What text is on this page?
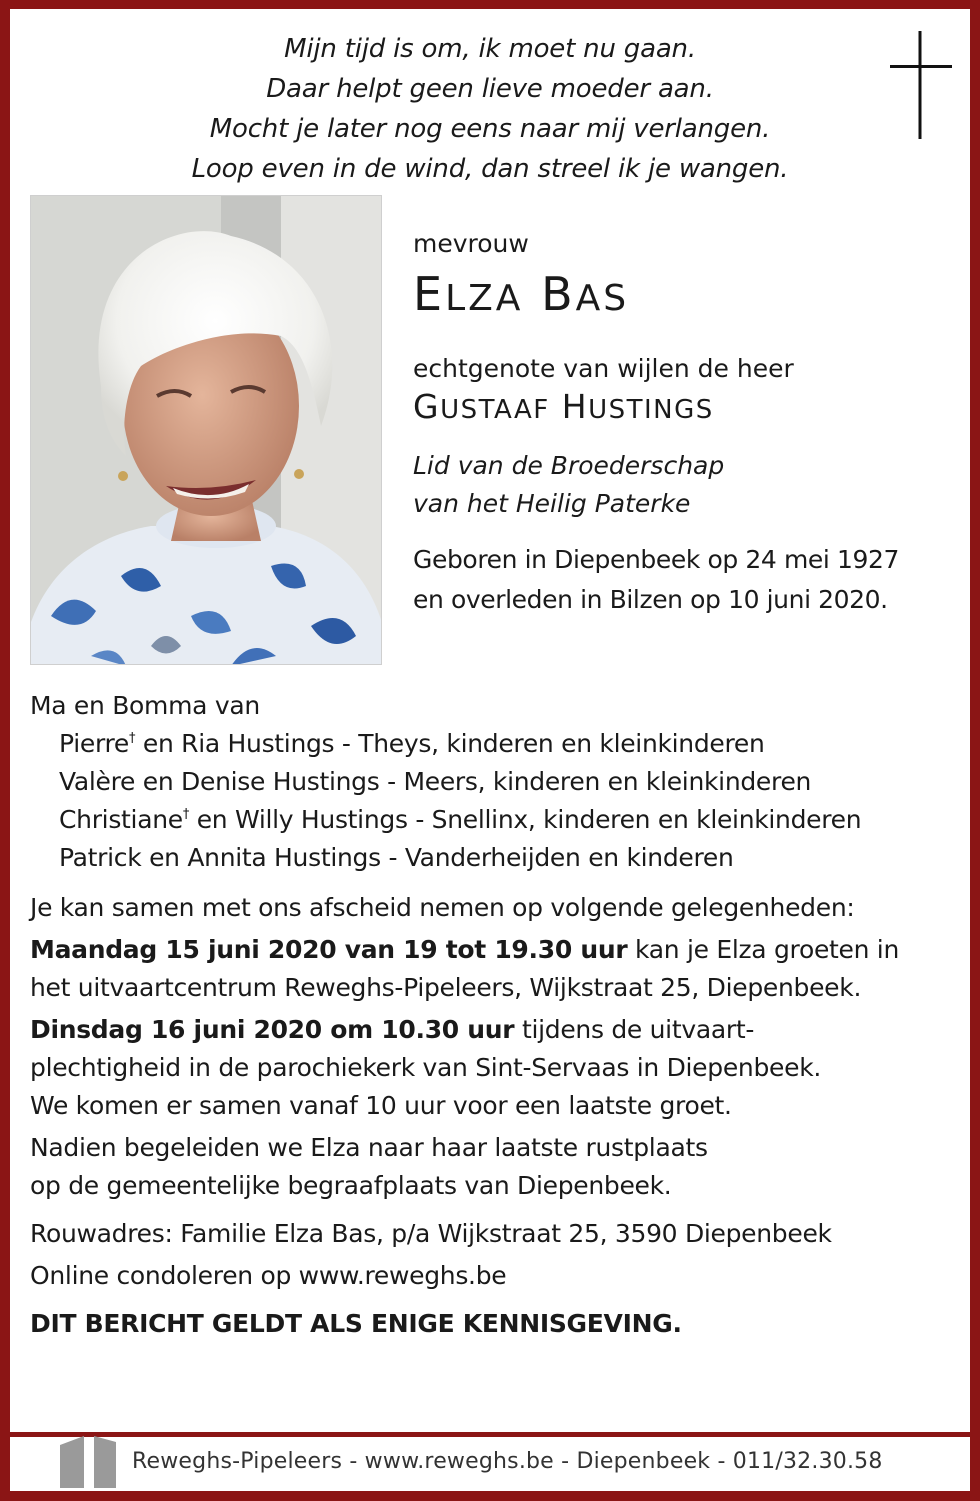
Mijn tijd is om, ik moet nu gaan.
Daar helpt geen lieve moeder aan.
Mocht je later nog eens naar mij verlangen.
Loop even in de wind, dan streel ik je wangen.
mevrouw
ELZA BAS
echtgenote van wijlen de heer
GUSTAAF HUSTINGS
Lid van de Broederschap
van het Heilig Paterke
Geboren in Diepenbeek op 24 mei 1927
en overleden in Bilzen op 10 juni 2020.
Ma en Bomma van
Pierre† en Ria Hustings - Theys, kinderen en kleinkinderen
Valère en Denise Hustings - Meers, kinderen en kleinkinderen
Christiane† en Willy Hustings - Snellinx, kinderen en kleinkinderen
Patrick en Annita Hustings - Vanderheijden en kinderen
Je kan samen met ons afscheid nemen op volgende gelegenheden:
Maandag 15 juni 2020 van 19 tot 19.30 uur kan je Elza groeten in
het uitvaartcentrum Reweghs-Pipeleers, Wijkstraat 25, Diepenbeek.
Dinsdag 16 juni 2020 om 10.30 uur tijdens de uitvaart-
plechtigheid in de parochiekerk van Sint-Servaas in Diepenbeek.
We komen er samen vanaf 10 uur voor een laatste groet.
Nadien begeleiden we Elza naar haar laatste rustplaats
op de gemeentelijke begraafplaats van Diepenbeek.
Rouwadres: Familie Elza Bas, p/a Wijkstraat 25, 3590 Diepenbeek
Online condoleren op www.reweghs.be
DIT BERICHT GELDT ALS ENIGE KENNISGEVING.
Reweghs-Pipeleers - www.reweghs.be - Diepenbeek - 011/32.30.58
